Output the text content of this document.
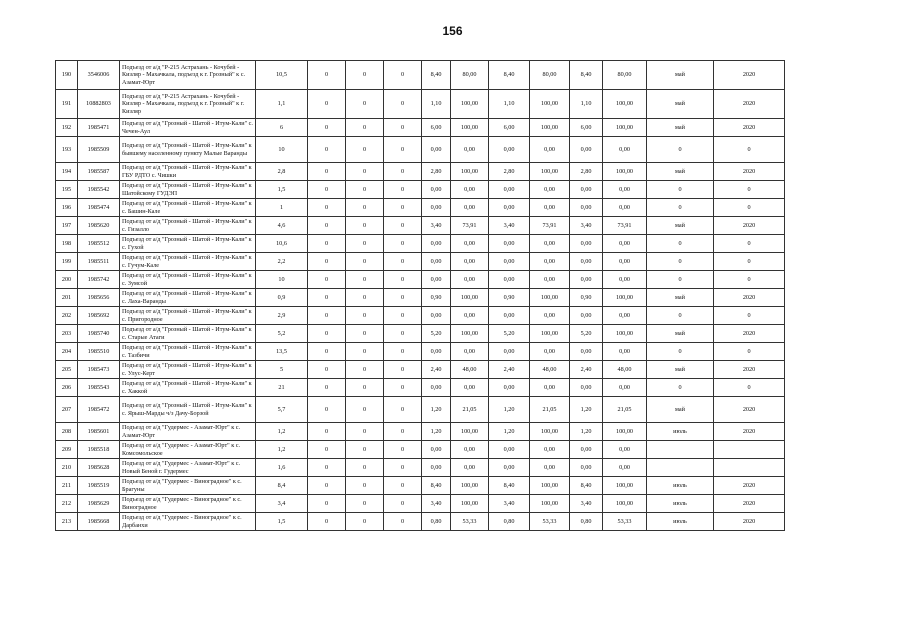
156
190	3546006	Подъезд от а/д "Р-215 Астрахань - Кочубей - Кизляр - Махачкала, подъезд к г. Грозный" к с. Азамат-Юрт	10,5	0	0	0	8,40	80,00	8,40	80,00	8,40	80,00	май	2020
191	10882803	Подъезд от а/д "Р-215 Астрахань - Кочубей - Кизляр - Махачкала, подъезд к г. Грозный" к г. Кизляр	1,1	0	0	0	1,10	100,00	1,10	100,00	1,10	100,00	май	2020
192	1985471	Подъезд от а/д "Грозный - Шатой - Итум-Кали" с. Чечен-Аул	6	0	0	0	6,00	100,00	6,00	100,00	6,00	100,00	май	2020
193	1985509	Подъезд от а/д "Грозный - Шатой - Итум-Кали" к бывшему населенному пункту Малые Варанды	10	0	0	0	0,00	0,00	0,00	0,00	0,00	0,00	0	0
194	1985587	Подъезд от а/д "Грозный - Шатой - Итум-Кали" к ГБУ РДТО с. Чишки	2,8	0	0	0	2,80	100,00	2,80	100,00	2,80	100,00	май	2020
195	1985542	Подъезд от а/д "Грозный - Шатой - Итум-Кали" к Шатойскому ГУДЭП	1,5	0	0	0	0,00	0,00	0,00	0,00	0,00	0,00	0	0
196	1985474	Подъезд от а/д "Грозный - Шатой - Итум-Кали" к с. Башин-Кале	1	0	0	0	0,00	0,00	0,00	0,00	0,00	0,00	0	0
197	1985620	Подъезд от а/д "Грозный - Шатой - Итум-Кали" к с. Гизалло	4,6	0	0	0	3,40	73,91	3,40	73,91	3,40	73,91	май	2020
198	1985512	Подъезд от а/д "Грозный - Шатой - Итум-Кали" к с. Гухой	10,6	0	0	0	0,00	0,00	0,00	0,00	0,00	0,00	0	0
199	1985511	Подъезд от а/д "Грозный - Шатой - Итум-Кали" к с. Гучум-Кале	2,2	0	0	0	0,00	0,00	0,00	0,00	0,00	0,00	0	0
200	1985742	Подъезд от а/д "Грозный - Шатой - Итум-Кали" к с. Зумсой	10	0	0	0	0,00	0,00	0,00	0,00	0,00	0,00	0	0
201	1985656	Подъезд от а/д "Грозный - Шатой - Итум-Кали" к с. Лаха-Варанды	0,9	0	0	0	0,90	100,00	0,90	100,00	0,90	100,00	май	2020
202	1985692	Подъезд от а/д "Грозный - Шатой - Итум-Кали" к с. Пригородное	2,9	0	0	0	0,00	0,00	0,00	0,00	0,00	0,00	0	0
203	1985740	Подъезд от а/д "Грозный - Шатой - Итум-Кали" к с. Старые Атаги	5,2	0	0	0	5,20	100,00	5,20	100,00	5,20	100,00	май	2020
204	1985510	Подъезд от а/д "Грозный - Шатой - Итум-Кали" к с. Тазбичи	13,5	0	0	0	0,00	0,00	0,00	0,00	0,00	0,00	0	0
205	1985473	Подъезд от а/д "Грозный - Шатой - Итум-Кали" к с. Улус-Керт	5	0	0	0	2,40	48,00	2,40	48,00	2,40	48,00	май	2020
206	1985543	Подъезд от а/д "Грозный - Шатой - Итум-Кали" к с. Хаккой	21	0	0	0	0,00	0,00	0,00	0,00	0,00	0,00	0	0
207	1985472	Подъезд от а/д "Грозный - Шатой - Итум-Кали" к с. Ярыш-Марды ч/з Дачу-Борзой	5,7	0	0	0	1,20	21,05	1,20	21,05	1,20	21,05	май	2020
208	1985601	Подъезд от а/д "Гудермес - Азамат-Юрт" к с. Азамат-Юрт	1,2	0	0	0	1,20	100,00	1,20	100,00	1,20	100,00	июль	2020
209	1985518	Подъезд от а/д "Гудермес - Азамат-Юрт" к с. Комсомольское	1,2	0	0	0	0,00	0,00	0,00	0,00	0,00	0,00		
210	1985628	Подъезд от а/д "Гудермес - Азамат-Юрт" к с. Новый Беной г. Гудермес	1,6	0	0	0	0,00	0,00	0,00	0,00	0,00	0,00		
211	1985519	Подъезд от а/д "Гудермес - Виноградное" к с. Брагуны	8,4	0	0	0	8,40	100,00	8,40	100,00	8,40	100,00	июль	2020
212	1985629	Подъезд от а/д "Гудермес - Виноградное" к с. Виноградное	3,4	0	0	0	3,40	100,00	3,40	100,00	3,40	100,00	июль	2020
213	1985668	Подъезд от а/д "Гудермес - Виноградное" к с. Дарбанхи	1,5	0	0	0	0,80	53,33	0,80	53,33	0,80	53,33	июль	2020
